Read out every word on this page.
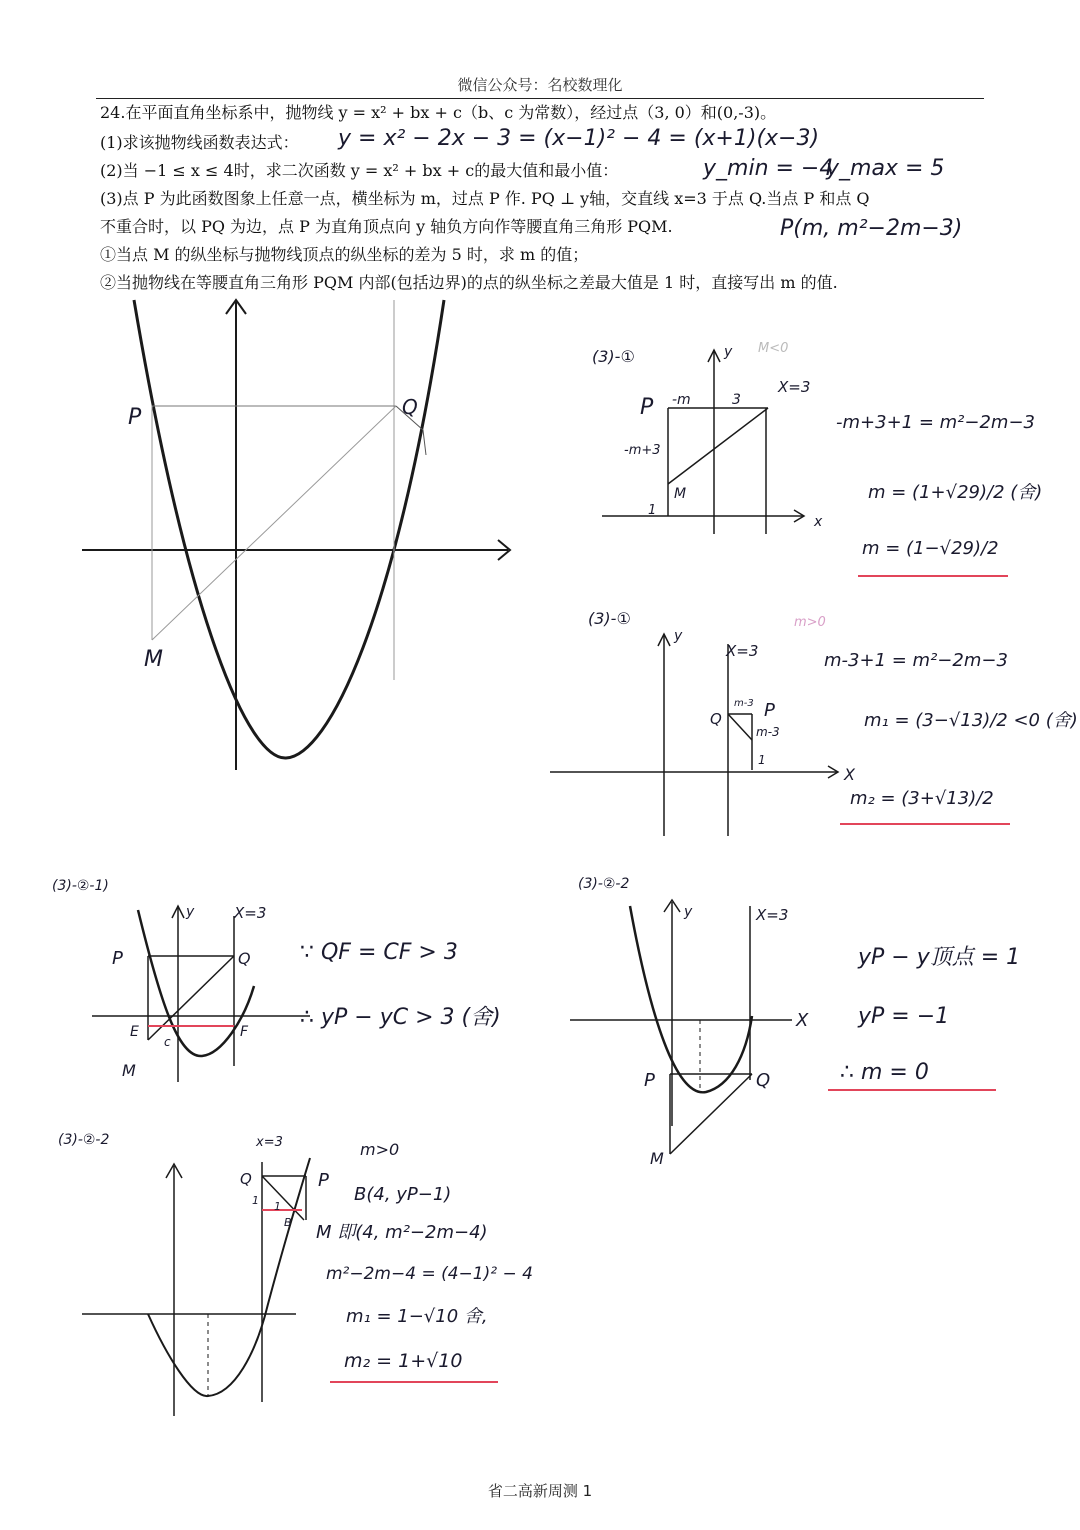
微信公众号：名校数理化
24.在平面直角坐标系中，抛物线 y = x² + bx + c（b、c 为常数），经过点（3, 0）和(0,-3)。
(1)求该抛物线函数表达式： y = x² − 2x − 3 = (x−1)² − 4 = (x+1)(x−3)
(2)当 −1 ≤ x ≤ 4时，求二次函数 y = x² + bx + c的最大值和最小值：	y_min = −4
y_max = 5
(3)点 P 为此函数图象上任意一点，横坐标为 m，过点 P 作. PQ ⊥ y轴，交直线 x=3 于点 Q.当点 P 和点 Q
不重合时，以 PQ 为边，点 P 为直角顶点向 y 轴负方向作等腰直角三角形 PQM.	P(m, m²−2m−3)
①当点 M 的纵坐标与抛物线顶点的纵坐标的差为 5 时，求 m 的值；
②当抛物线在等腰直角三角形 PQM 内部(包括边界)的点的纵坐标之差最大值是 1 时，直接写出 m 的值.
P	Q
M
(3)-①	M<0
y
x
X=3
P -m	3
-m+3
M
1
-m+3+1 = m²−2m−3
m = (1+√29)/2 (舍)
m = (1−√29)/2
(3)-①	m>0
y
X=3
X
Q P
m-3
m-3
1
m-3+1 = m²−2m−3
m₁ = (3−√13)/2 <0 (舍)
m₂ = (3+√13)/2
(3)-②-1)
y	X=3
P	Q
E
c
F
M
∵ QF = CF > 3
∴ yP − yC > 3 (舍)
(3)-②-2
y	X=3
X
P	Q
M
yP − y顶点 = 1
yP = −1
∴ m = 0
(3)-②-2	x=3
Q	P
B
1 1
m>0
B(4, yP−1)
M 即(4, m²−2m−4)
m²−2m−4 = (4−1)² − 4
m₁ = 1−√10 舍,
m₂ = 1+√10
省二高新周测 1
